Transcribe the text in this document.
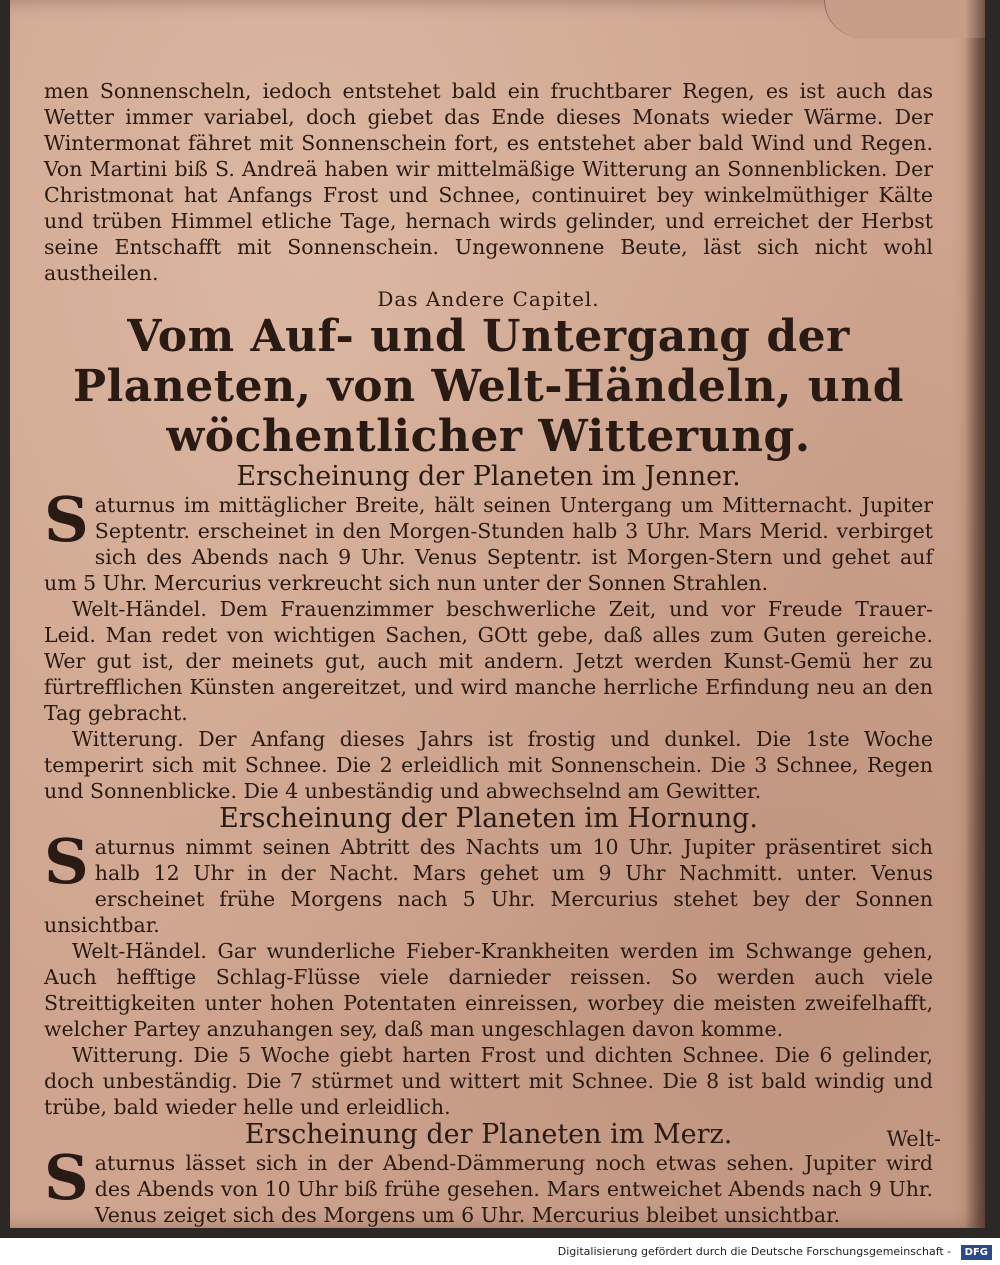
men Sonnenscheln, iedoch entstehet bald ein fruchtbarer Regen, es ist auch das Wetter immer variabel, doch giebet das Ende dieses Monats wieder Wärme. Der Wintermonat fähret mit Sonnenschein fort, es entstehet aber bald Wind und Regen. Von Martini biß S. Andreä haben wir mittelmäßige Witterung an Sonnenblicken. Der Christmonat hat Anfangs Frost und Schnee, continuiret bey winkelmüthiger Kälte und trüben Himmel etliche Tage, hernach wirds gelinder, und erreichet der Herbst seine Entschafft mit Sonnenschein. Ungewonnene Beute, läst sich nicht wohl austheilen.

Das Andere Capitel.

Vom Auf- und Untergang der Planeten, von Welt-Händeln, und wöchentlicher Witterung.

Erscheinung der Planeten im Jenner.

S aturnus im mittäglicher Breite, hält seinen Untergang um Mitternacht. Jupiter Septentr. erscheinet in den Morgen-Stunden halb 3 Uhr. Mars Merid. verbirget sich des Abends nach 9 Uhr. Venus Septentr. ist Morgen-Stern und gehet auf um 5 Uhr. Mercurius verkreucht sich nun unter der Sonnen Strahlen.

Welt-Händel. Dem Frauenzimmer beschwerliche Zeit, und vor Freude Trauer-Leid. Man redet von wichtigen Sachen, GOtt gebe, daß alles zum Guten gereiche. Wer gut ist, der meinets gut, auch mit andern. Jetzt werden Kunst-Gemü her zu fürtrefflichen Künsten angereitzet, und wird manche herrliche Erfindung neu an den Tag gebracht.

Witterung. Der Anfang dieses Jahrs ist frostig und dunkel. Die 1ste Woche temperirt sich mit Schnee. Die 2 erleidlich mit Sonnenschein. Die 3 Schnee, Regen und Sonnenblicke. Die 4 unbeständig und abwechselnd am Gewitter.

Erscheinung der Planeten im Hornung.

S aturnus nimmt seinen Abtritt des Nachts um 10 Uhr. Jupiter präsentiret sich halb 12 Uhr in der Nacht. Mars gehet um 9 Uhr Nachmitt. unter. Venus erscheinet frühe Morgens nach 5 Uhr. Mercurius stehet bey der Sonnen unsichtbar.

Welt-Händel. Gar wunderliche Fieber-Krankheiten werden im Schwange gehen, Auch hefftige Schlag-Flüsse viele darnieder reissen. So werden auch viele Streittigkeiten unter hohen Potentaten einreissen, worbey die meisten zweifelhafft, welcher Partey anzuhangen sey, daß man ungeschlagen davon komme.

Witterung. Die 5 Woche giebt harten Frost und dichten Schnee. Die 6 gelinder, doch unbeständig. Die 7 stürmet und wittert mit Schnee. Die 8 ist bald windig und trübe, bald wieder helle und erleidlich.

Erscheinung der Planeten im Merz.

S aturnus lässet sich in der Abend-Dämmerung noch etwas sehen. Jupiter wird des Abends von 10 Uhr biß frühe gesehen. Mars entweichet Abends nach 9 Uhr. Venus zeiget sich des Morgens um 6 Uhr. Mercurius bleibet unsichtbar.

Welt-
Digitalisierung gefördert durch die Deutsche Forschungsgemeinschaft - DFG
